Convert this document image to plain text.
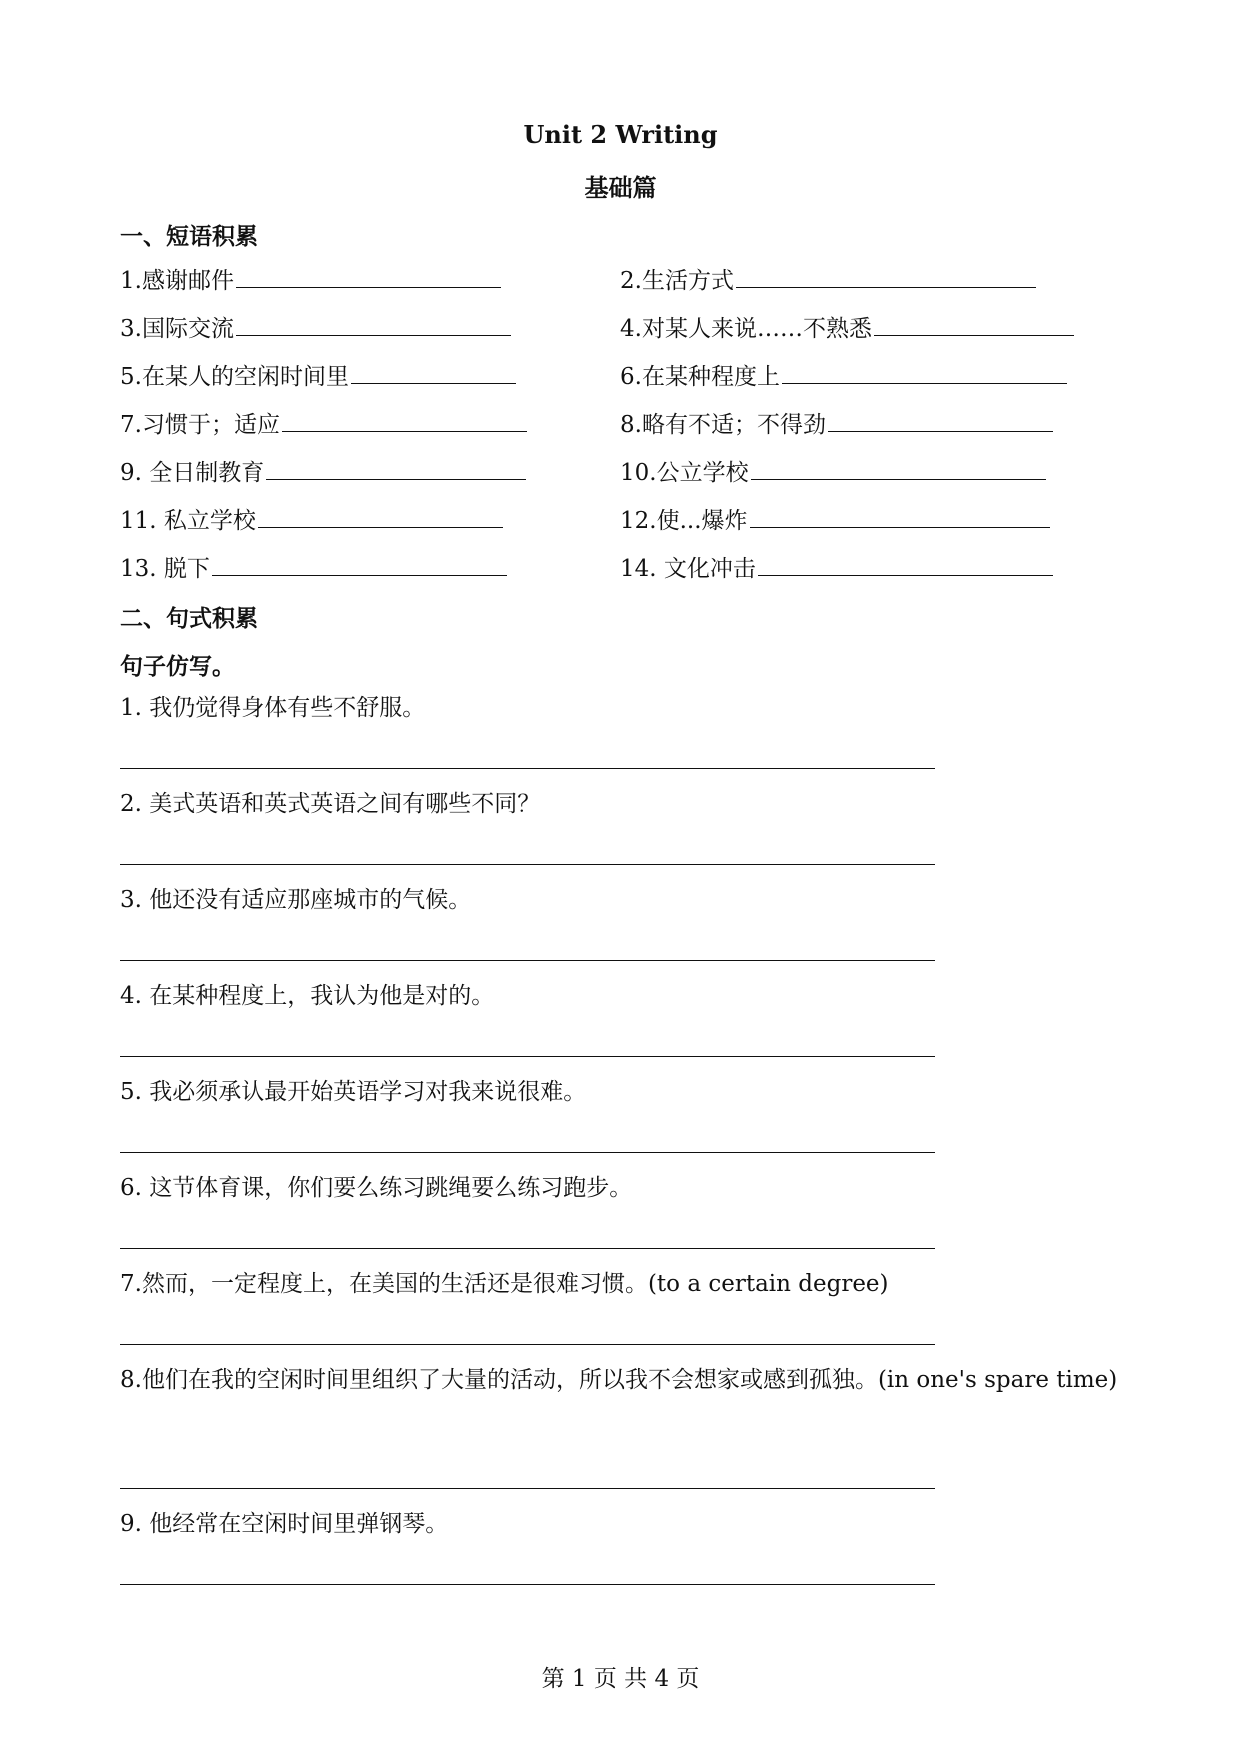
Unit 2 Writing
基础篇
一、短语积累
1.感谢邮件	2.生活方式
3.国际交流	4.对某人来说……不熟悉
5.在某人的空闲时间里	6.在某种程度上
7.习惯于；适应	8.略有不适；不得劲
9. 全日制教育	10.公立学校
11. 私立学校	12.使...爆炸
13. 脱下	14. 文化冲击
二、句式积累
句子仿写。
1. 我仍觉得身体有些不舒服。
2. 美式英语和英式英语之间有哪些不同？
3. 他还没有适应那座城市的气候。
4. 在某种程度上，我认为他是对的。
5. 我必须承认最开始英语学习对我来说很难。
6. 这节体育课，你们要么练习跳绳要么练习跑步。
7.然而，一定程度上，在美国的生活还是很难习惯。(to a certain degree)
8.他们在我的空闲时间里组织了大量的活动，所以我不会想家或感到孤独。(in one's spare time)
9. 他经常在空闲时间里弹钢琴。
第 1 页 共 4 页
